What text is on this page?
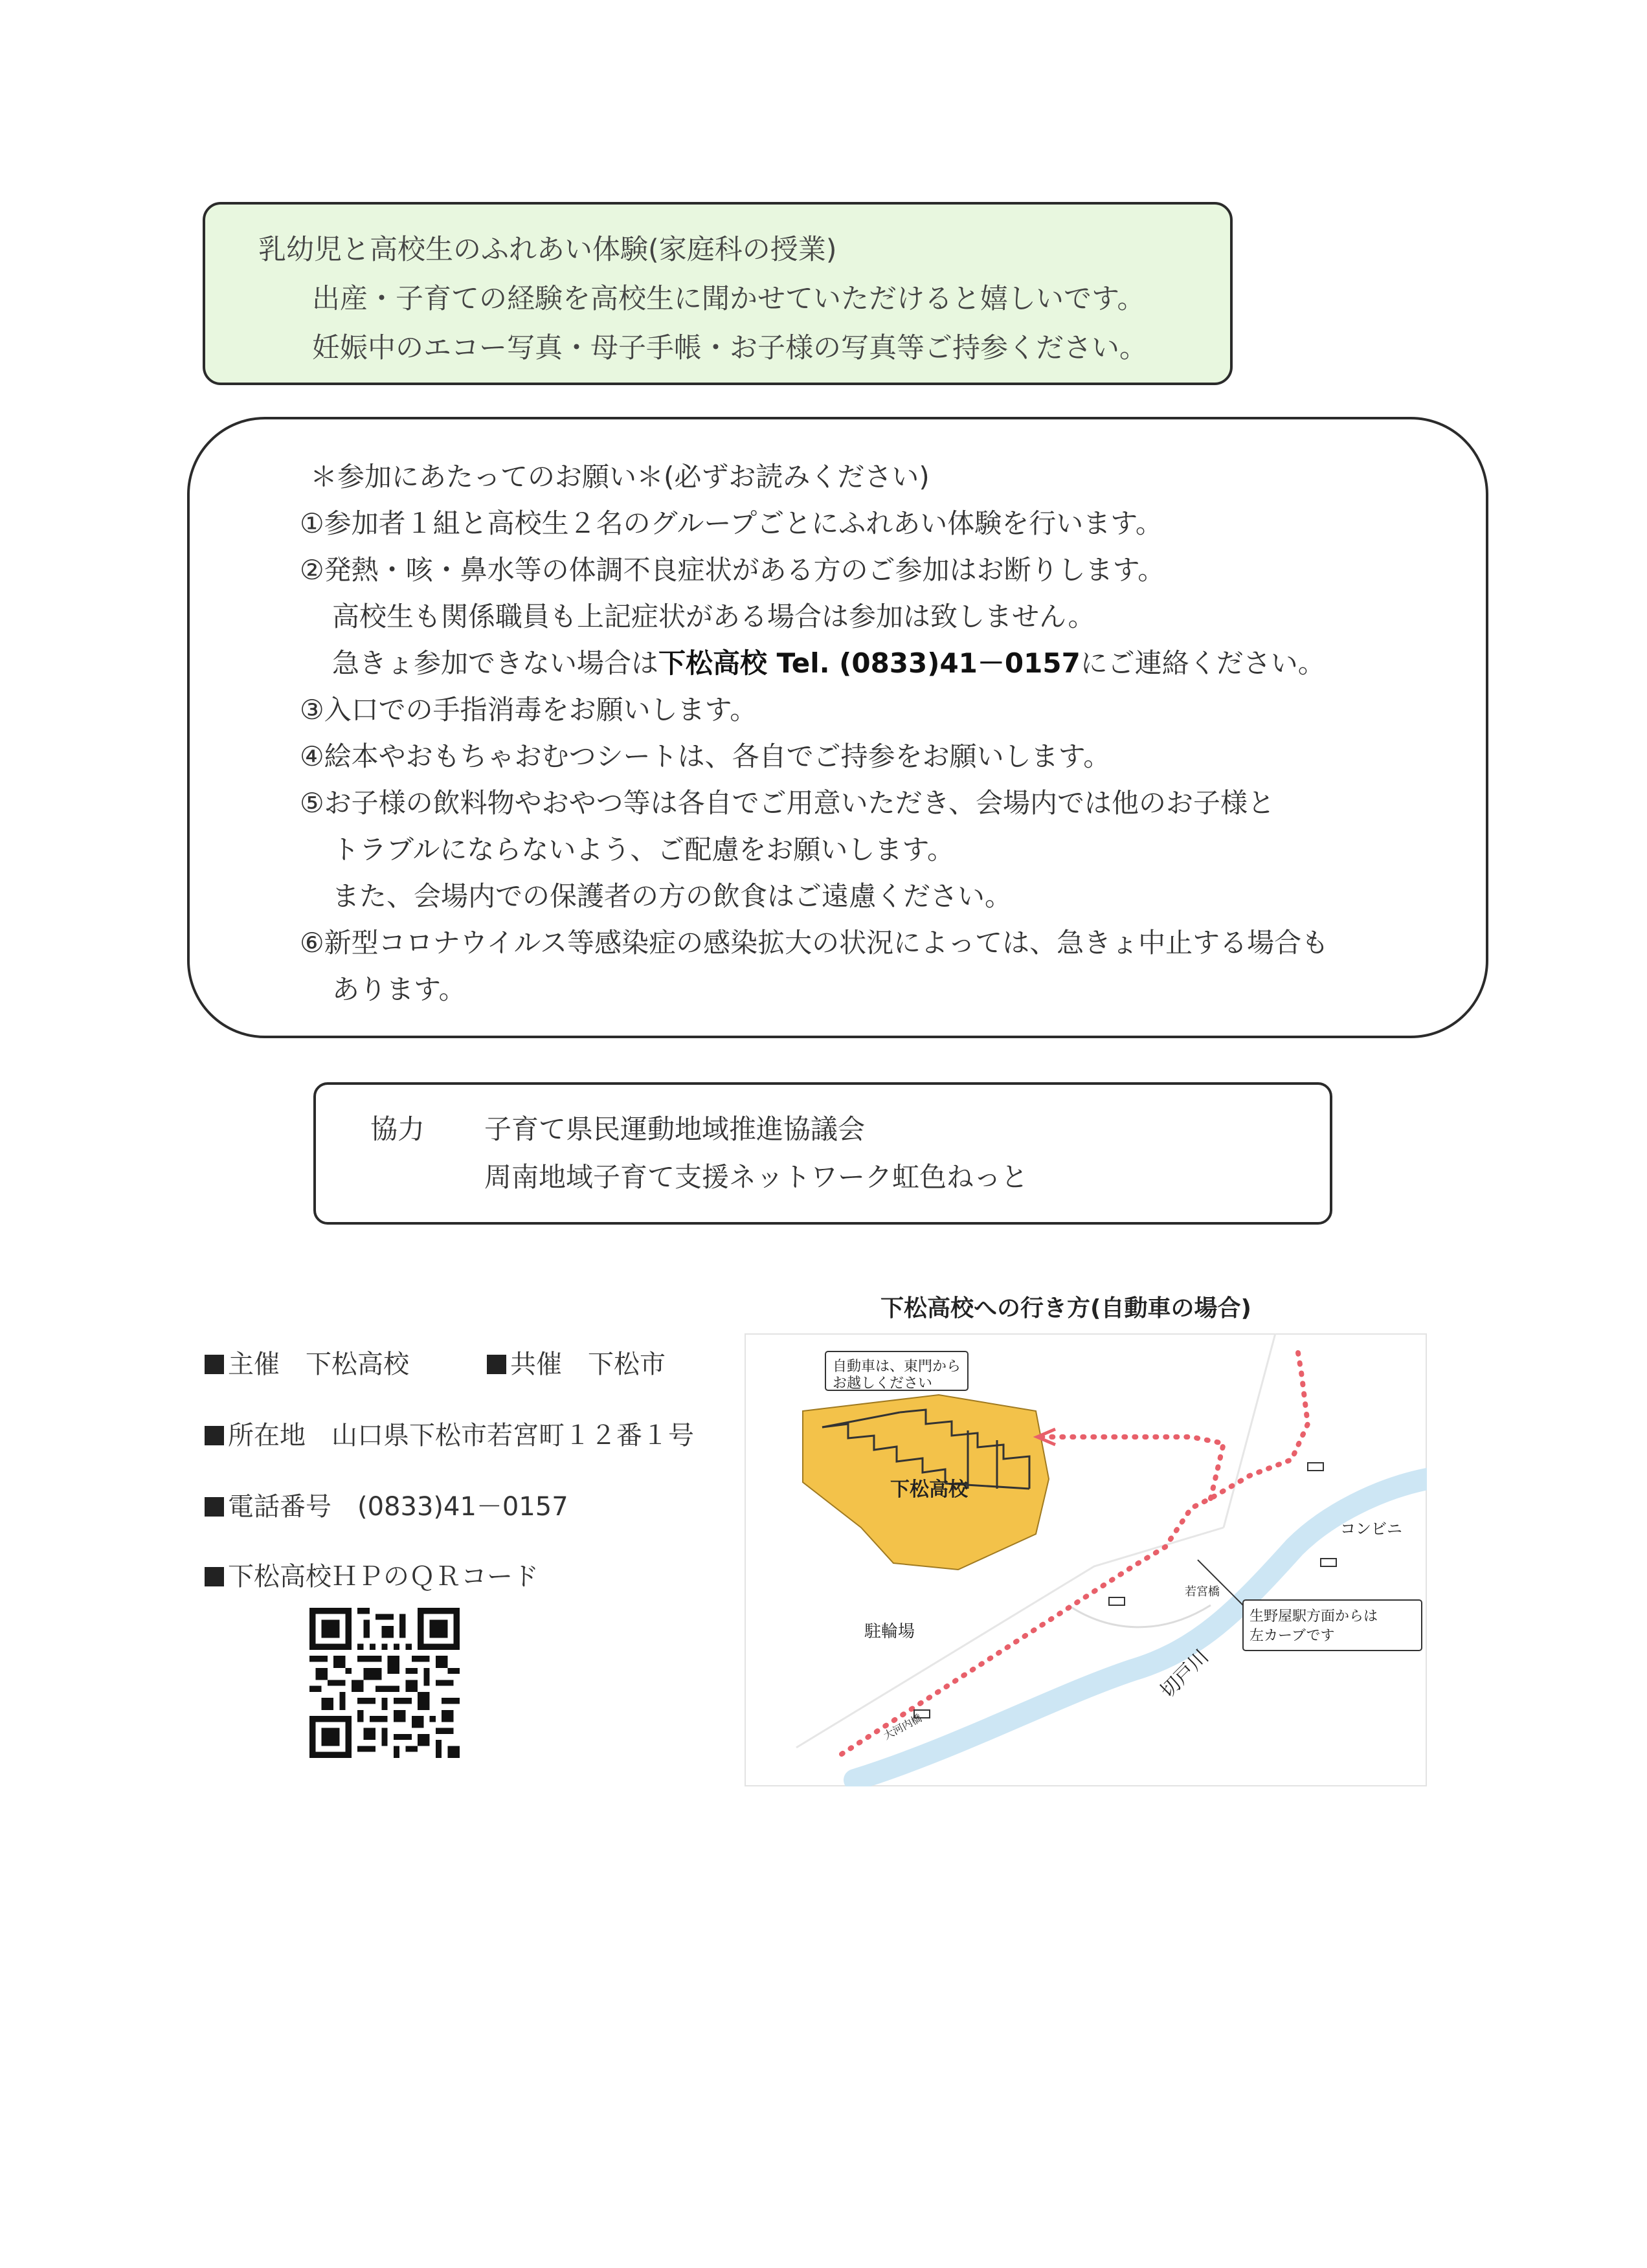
乳幼児と高校生のふれあい体験(家庭科の授業)
出産・子育ての経験を高校生に聞かせていただけると嬉しいです。
妊娠中のエコー写真・母子手帳・お子様の写真等ご持参ください。
＊参加にあたってのお願い＊(必ずお読みください)
①参加者１組と高校生２名のグループごとにふれあい体験を行います。
②発熱・咳・鼻水等の体調不良症状がある方のご参加はお断りします。
高校生も関係職員も上記症状がある場合は参加は致しません。
急きょ参加できない場合は下松高校 Tel. (0833)41－0157にご連絡ください。
③入口での手指消毒をお願いします。
④絵本やおもちゃおむつシートは、各自でご持参をお願いします。
⑤お子様の飲料物やおやつ等は各自でご用意いただき、会場内では他のお子様と
トラブルにならないよう、ご配慮をお願いします。
また、会場内での保護者の方の飲食はご遠慮ください。
⑥新型コロナウイルス等感染症の感染拡大の状況によっては、急きょ中止する場合も
あります。
協力 子育て県民運動地域推進協議会
周南地域子育て支援ネットワーク虹色ねっと
主催　下松高校	共催　下松市
所在地　山口県下松市若宮町１２番１号
電話番号　(0833)41－0157
下松高校ＨＰのＱＲコード
下松高校への行き方(自動車の場合)
自動車は、東門から
お越しください
下松高校
コンビニ
駐輪場
若宮橋
切戸川
生野屋駅方面からは
左カーブです
大河内橋
